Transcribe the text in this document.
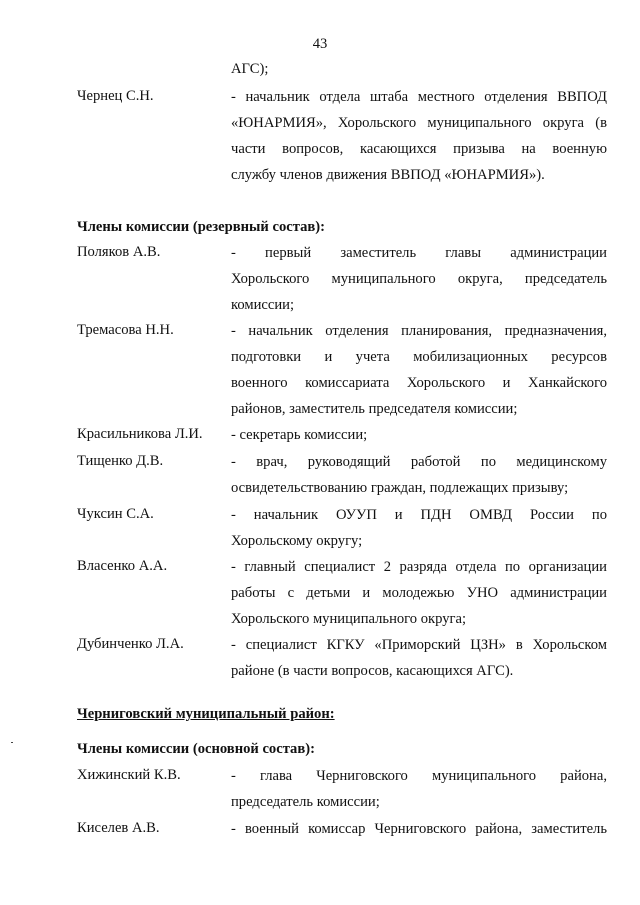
43
АГС);
Чернец С.Н.	- начальник отдела штаба местного отделения ВВПОД
«ЮНАРМИЯ», Хорольского муниципального округа (в
части вопросов, касающихся призыва на военную
службу членов движения ВВПОД «ЮНАРМИЯ»).
Члены комиссии (резервный состав):
Поляков А.В.	- первый заместитель главы администрации
Хорольского муниципального округа, председатель
комиссии;
Тремасова Н.Н.	- начальник отделения планирования, предназначения,
подготовки и учета мобилизационных ресурсов
военного комиссариата Хорольского и Ханкайского
районов, заместитель председателя комиссии;
Красильникова Л.И. - секретарь комиссии;
Тищенко Д.В.	- врач, руководящий работой по медицинскому
освидетельствованию граждан, подлежащих призыву;
Чуксин С.А.	- начальник ОУУП и ПДН ОМВД России по
Хорольскому округу;
Власенко А.А.	- главный специалист 2 разряда отдела по организации
работы с детьми и молодежью УНО администрации
Хорольского муниципального округа;
Дубинченко Л.А.	- специалист КГКУ «Приморский ЦЗН» в Хорольском
районе (в части вопросов, касающихся АГС).
Черниговский муниципальный район:
Члены комиссии (основной состав):
Хижинский К.В.	- глава Черниговского муниципального района,
председатель комиссии;
Киселев А.В.	- военный комиссар Черниговского района, заместитель
